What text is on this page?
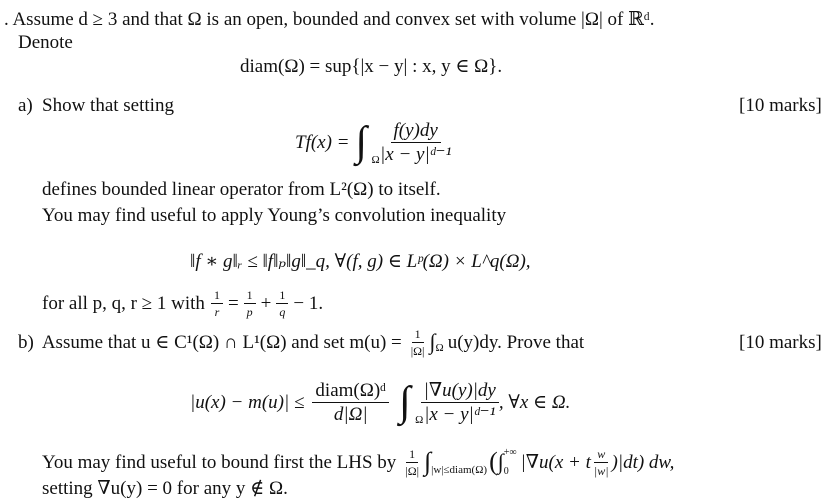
. Assume d ≥ 3 and that Ω is an open, bounded and convex set with volume |Ω| of ℝᵈ.
Denote
diam(Ω) = sup{|x − y| : x, y ∈ Ω}.
a) Show that setting	[10 marks]
Tf(x) = ∫ Ω
$\frac{f(y)dy}{\text{|x − y|ᵈ⁻¹}}$
defines bounded linear operator from L²(Ω) to itself.
You may find useful to apply Young’s convolution inequality
‖f ∗ g‖ᵣ ≤ ‖f‖ₚ‖g‖_q, ∀(f, g) ∈ Lᵖ(Ω) × L^q(Ω),
for all p, q, r ≥ 1 with $\frac{1}{r} = \frac{1}{p} + \frac{1}{q} - 1$.
b) Assume that u ∈ C¹(Ω) ∩ L¹(Ω) and set $m(u) = \frac{1}{|\Omega|}$ ∫ Ω u(y)dy. Prove that	[10 marks]
$|u(x) - m(u)| \le \frac{\text{diam(Ω)ᵈ}}{d|\Omega|}$ ∫ Ω
$\frac{|\nabla u(y)|dy}{\text{|x − y|ᵈ⁻¹}}$ , ∀x ∈ Ω.
You may find useful to bound first the LHS by $\frac{1}{|\Omega|}$ ∫ |w|≤diam(Ω) ( ∫ +∞
0 |∇u(x + t $\frac{w}{|w|} )|dt$) dw,
setting ∇u(y) = 0 for any y ∉ Ω.
